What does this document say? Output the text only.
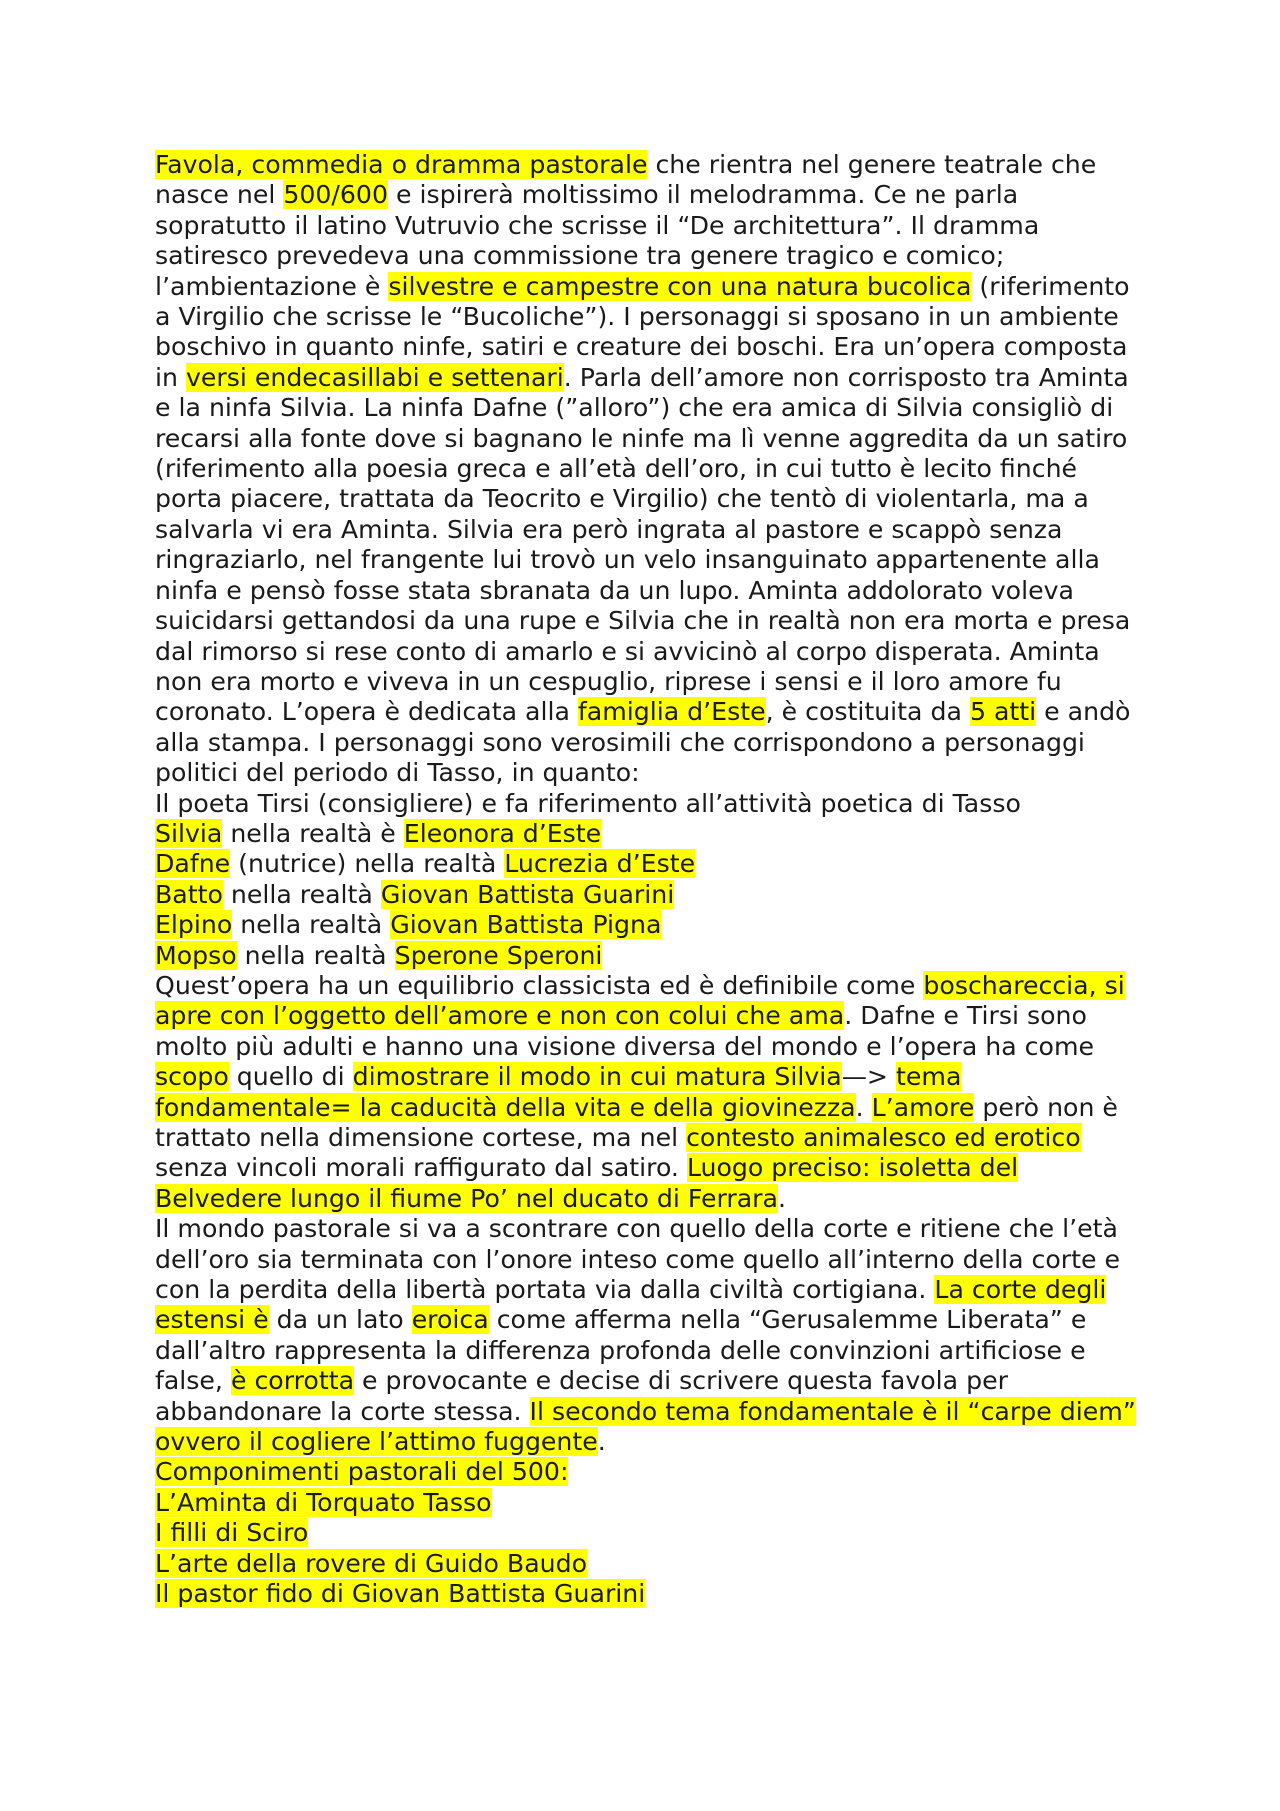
Favola, commedia o dramma pastorale che rientra nel genere teatrale che nasce nel 500/600 e ispirerà moltissimo il melodramma. Ce ne parla sopratutto il latino Vutruvio che scrisse il “De architettura”. Il dramma satiresco prevedeva una commissione tra genere tragico e comico; l’ambientazione è silvestre e campestre con una natura bucolica (riferimento a Virgilio che scrisse le “Bucoliche”). I personaggi si sposano in un ambiente boschivo in quanto ninfe, satiri e creature dei boschi. Era un’opera composta in versi endecasillabi e settenari. Parla dell’amore non corrisposto tra Aminta e la ninfa Silvia. La ninfa Dafne (”alloro”) che era amica di Silvia consigliò di recarsi alla fonte dove si bagnano le ninfe ma lì venne aggredita da un satiro (riferimento alla poesia greca e all’età dell’oro, in cui tutto è lecito finché porta piacere, trattata da Teocrito e Virgilio) che tentò di violentarla, ma a salvarla vi era Aminta. Silvia era però ingrata al pastore e scappò senza ringraziarlo, nel frangente lui trovò un velo insanguinato appartenente alla ninfa e pensò fosse stata sbranata da un lupo. Aminta addolorato voleva suicidarsi gettandosi da una rupe e Silvia che in realtà non era morta e presa dal rimorso si rese conto di amarlo e si avvicinò al corpo disperata. Aminta non era morto e viveva in un cespuglio, riprese i sensi e il loro amore fu coronato. L’opera è dedicata alla famiglia d’Este, è costituita da 5 atti e andò alla stampa. I personaggi sono verosimili che corrispondono a personaggi politici del periodo di Tasso, in quanto:

Il poeta Tirsi (consigliere) e fa riferimento all’attività poetica di Tasso

Silvia nella realtà è Eleonora d’Este

Dafne (nutrice) nella realtà Lucrezia d’Este

Batto nella realtà Giovan Battista Guarini

Elpino nella realtà Giovan Battista Pigna

Mopso nella realtà Sperone Speroni

Quest’opera ha un equilibrio classicista ed è definibile come boschareccia, si apre con l’oggetto dell’amore e non con colui che ama. Dafne e Tirsi sono molto più adulti e hanno una visione diversa del mondo e l’opera ha come scopo quello di dimostrare il modo in cui matura Silvia—> tema fondamentale= la caducità della vita e della giovinezza. L’amore però non è trattato nella dimensione cortese, ma nel contesto animalesco ed erotico senza vincoli morali raffigurato dal satiro. Luogo preciso: isoletta del Belvedere lungo il fiume Po’ nel ducato di Ferrara.

Il mondo pastorale si va a scontrare con quello della corte e ritiene che l’età dell’oro sia terminata con l’onore inteso come quello all’interno della corte e con la perdita della libertà portata via dalla civiltà cortigiana. La corte degli estensi è da un lato eroica come afferma nella “Gerusalemme Liberata” e dall’altro rappresenta la differenza profonda delle convinzioni artificiose e false, è corrotta e provocante e decise di scrivere questa favola per abbandonare la corte stessa. Il secondo tema fondamentale è il “carpe diem” ovvero il cogliere l’attimo fuggente.

Componimenti pastorali del 500:

L’Aminta di Torquato Tasso

I filli di Sciro

L’arte della rovere di Guido Baudo

Il pastor fido di Giovan Battista Guarini
